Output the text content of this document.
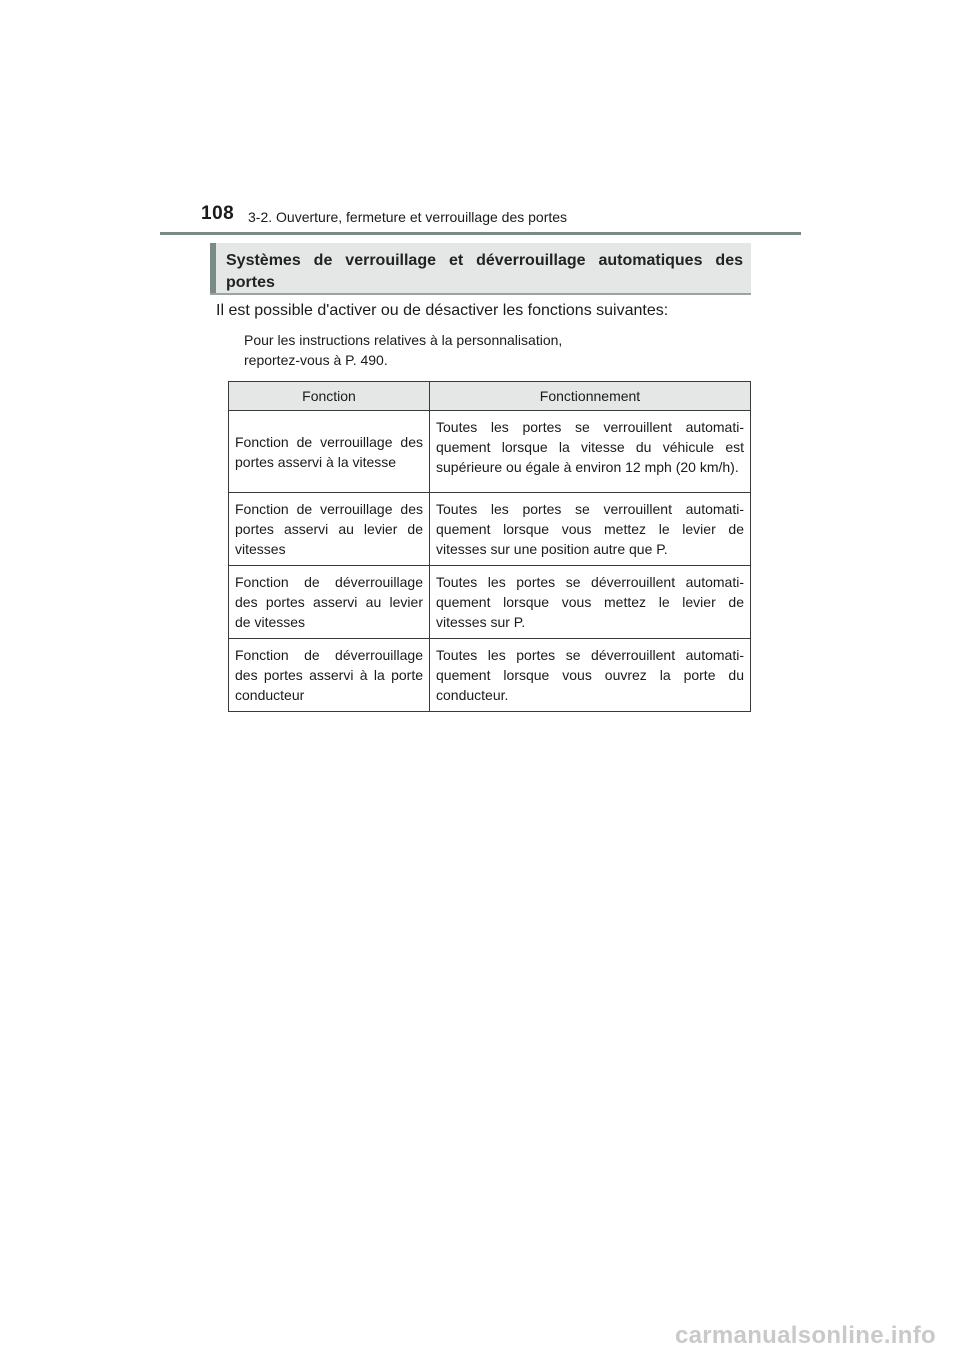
108 3-2. Ouverture, fermeture et verrouillage des portes
Systèmes de verrouillage et déverrouillage automatiques des portes
Il est possible d'activer ou de désactiver les fonctions suivantes:
Pour les instructions relatives à la personnalisation,
reportez-vous à P. 490.
Fonction	Fonctionnement
Fonction de verrouillage des portes asservi à la vitesse	Toutes les portes se verrouillent automati-quement lorsque la vitesse du véhicule est supérieure ou égale à environ 12 mph (20 km/h).
Fonction de verrouillage des portes asservi au levier de vitesses	Toutes les portes se verrouillent automati-quement lorsque vous mettez le levier de vitesses sur une position autre que P.
Fonction de déverrouillage des portes asservi au levier de vitesses	Toutes les portes se déverrouillent automati-quement lorsque vous mettez le levier de vitesses sur P.
Fonction de déverrouillage des portes asservi à la porte conducteur	Toutes les portes se déverrouillent automati-quement lorsque vous ouvrez la porte du conducteur.
carmanualsonline.info
